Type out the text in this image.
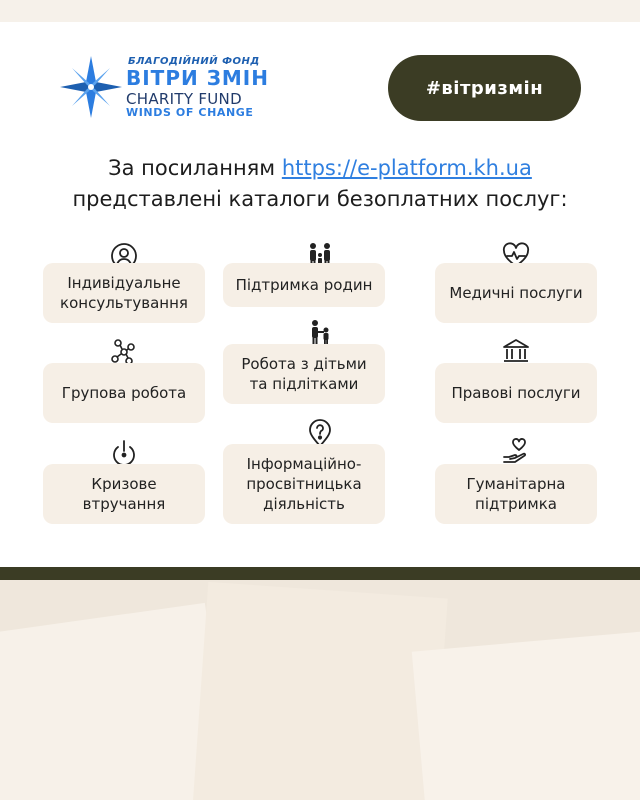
БЛАГОДІЙНИЙ ФОНД
ВІТРИ ЗМІН
CHARITY FUND
WINDS OF CHANGE
#вітризмін
За посиланням https://e-platform.kh.ua
представлені каталоги безоплатних послуг:
Індивідуальне консультування
Підтримка родин	Медичні послуги
Групова робота
Робота з дітьми та підлітками	Правові послуги
Кризове втручання
Інформаційно-просвітницька діяльність
Гуманітарна підтримка
